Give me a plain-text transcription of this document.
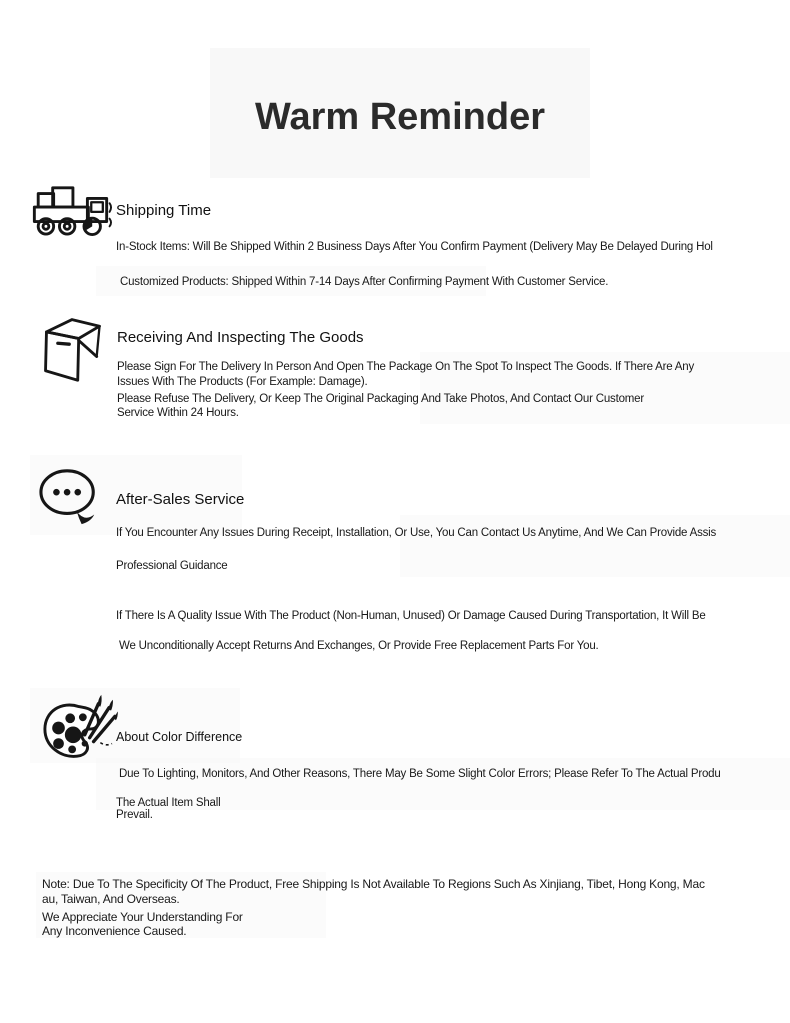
Warm Reminder
Shipping Time
In-Stock Items: Will Be Shipped Within 2 Business Days After You Confirm Payment (Delivery May Be Delayed During Hol
Customized Products: Shipped Within 7-14 Days After Confirming Payment With Customer Service.
Receiving And Inspecting The Goods
Please Sign For The Delivery In Person And Open The Package On The Spot To Inspect The Goods. If There Are Any
Issues With The Products (For Example: Damage).
Please Refuse The Delivery, Or Keep The Original Packaging And Take Photos, And Contact Our Customer
Service Within 24 Hours.
After-Sales Service
If You Encounter Any Issues During Receipt, Installation, Or Use, You Can Contact Us Anytime, And We Can Provide Assis
Professional Guidance
If There Is A Quality Issue With The Product (Non-Human, Unused) Or Damage Caused During Transportation, It Will Be
We Unconditionally Accept Returns And Exchanges, Or Provide Free Replacement Parts For You.
About Color Difference
Due To Lighting, Monitors, And Other Reasons, There May Be Some Slight Color Errors; Please Refer To The Actual Produ
The Actual Item Shall
Prevail.
Note: Due To The Specificity Of The Product, Free Shipping Is Not Available To Regions Such As Xinjiang, Tibet, Hong Kong, Mac
au, Taiwan, And Overseas.
We Appreciate Your Understanding For
Any Inconvenience Caused.
